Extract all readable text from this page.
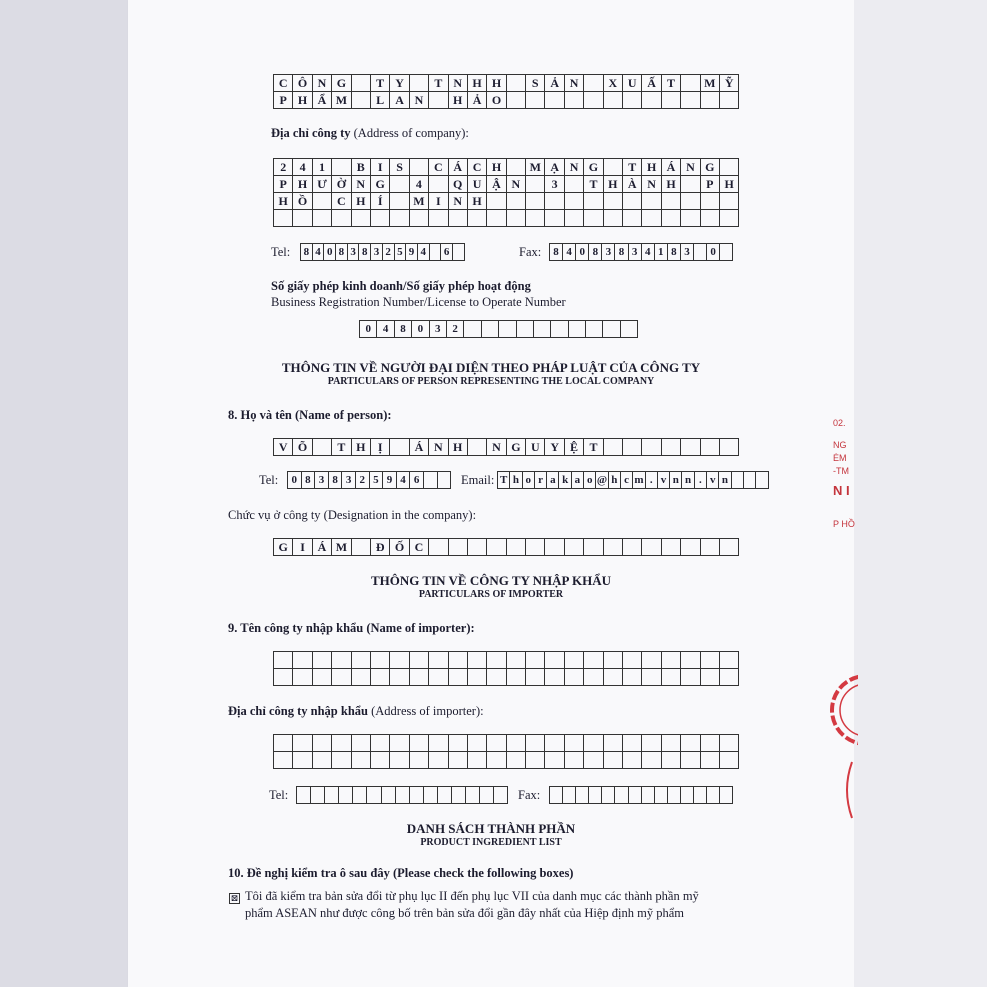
C Ô N G	T Y	T N H H	S Ả N	X U Ấ T	M Ỹ
P H Ẩ M	L A N	H Ả O
Địa chỉ công ty (Address of company):
2	4	1	B	I	S	C Á C H	M Ạ N G	T H Á N G
P H Ư Ờ N G	4	Q U Ậ N	3	T H À N H	P H
H Ồ	C H	Í	M I	N H
Tel: 8 4 0 8 3 8 3 2 5 9 4	6	Fax: 8 4 0 8 3 8 3 4 1 8 3	0
Số giấy phép kinh doanh/Số giấy phép hoạt động
Business Registration Number/License to Operate Number
0	4	8	0	3	2
THÔNG TIN VỀ NGƯỜI ĐẠI DIỆN THEO PHÁP LUẬT CỦA CÔNG TY
PARTICULARS OF PERSON REPRESENTING THE LOCAL COMPANY
8. Họ và tên (Name of person):
V Õ	T H	Ị	Á N H	N G U Y Ệ T
Tel:	0 8 3 8 3 2 5 9 4 6	Email: T h o r a k a o @ h c m . v n n . v n
Chức vụ ở công ty (Designation in the company):
G	I	Á M	Đ Ố C
THÔNG TIN VỀ CÔNG TY NHẬP KHẨU
PARTICULARS OF IMPORTER
9. Tên công ty nhập khẩu (Name of importer):
Địa chỉ công ty nhập khẩu (Address of importer):
Tel:	Fax:
DANH SÁCH THÀNH PHẦN
PRODUCT INGREDIENT LIST
10. Đề nghị kiểm tra ô sau đây (Please check the following boxes)
⊠ Tôi đã kiểm tra bản sửa đổi từ phụ lục II đến phụ lục VII của danh mục các thành phần mỹ
phẩm ASEAN như được công bố trên bản sửa đổi gần đây nhất của Hiệp định mỹ phẩm
02.
NG
ĖM
-TM
N I
P HỒ
